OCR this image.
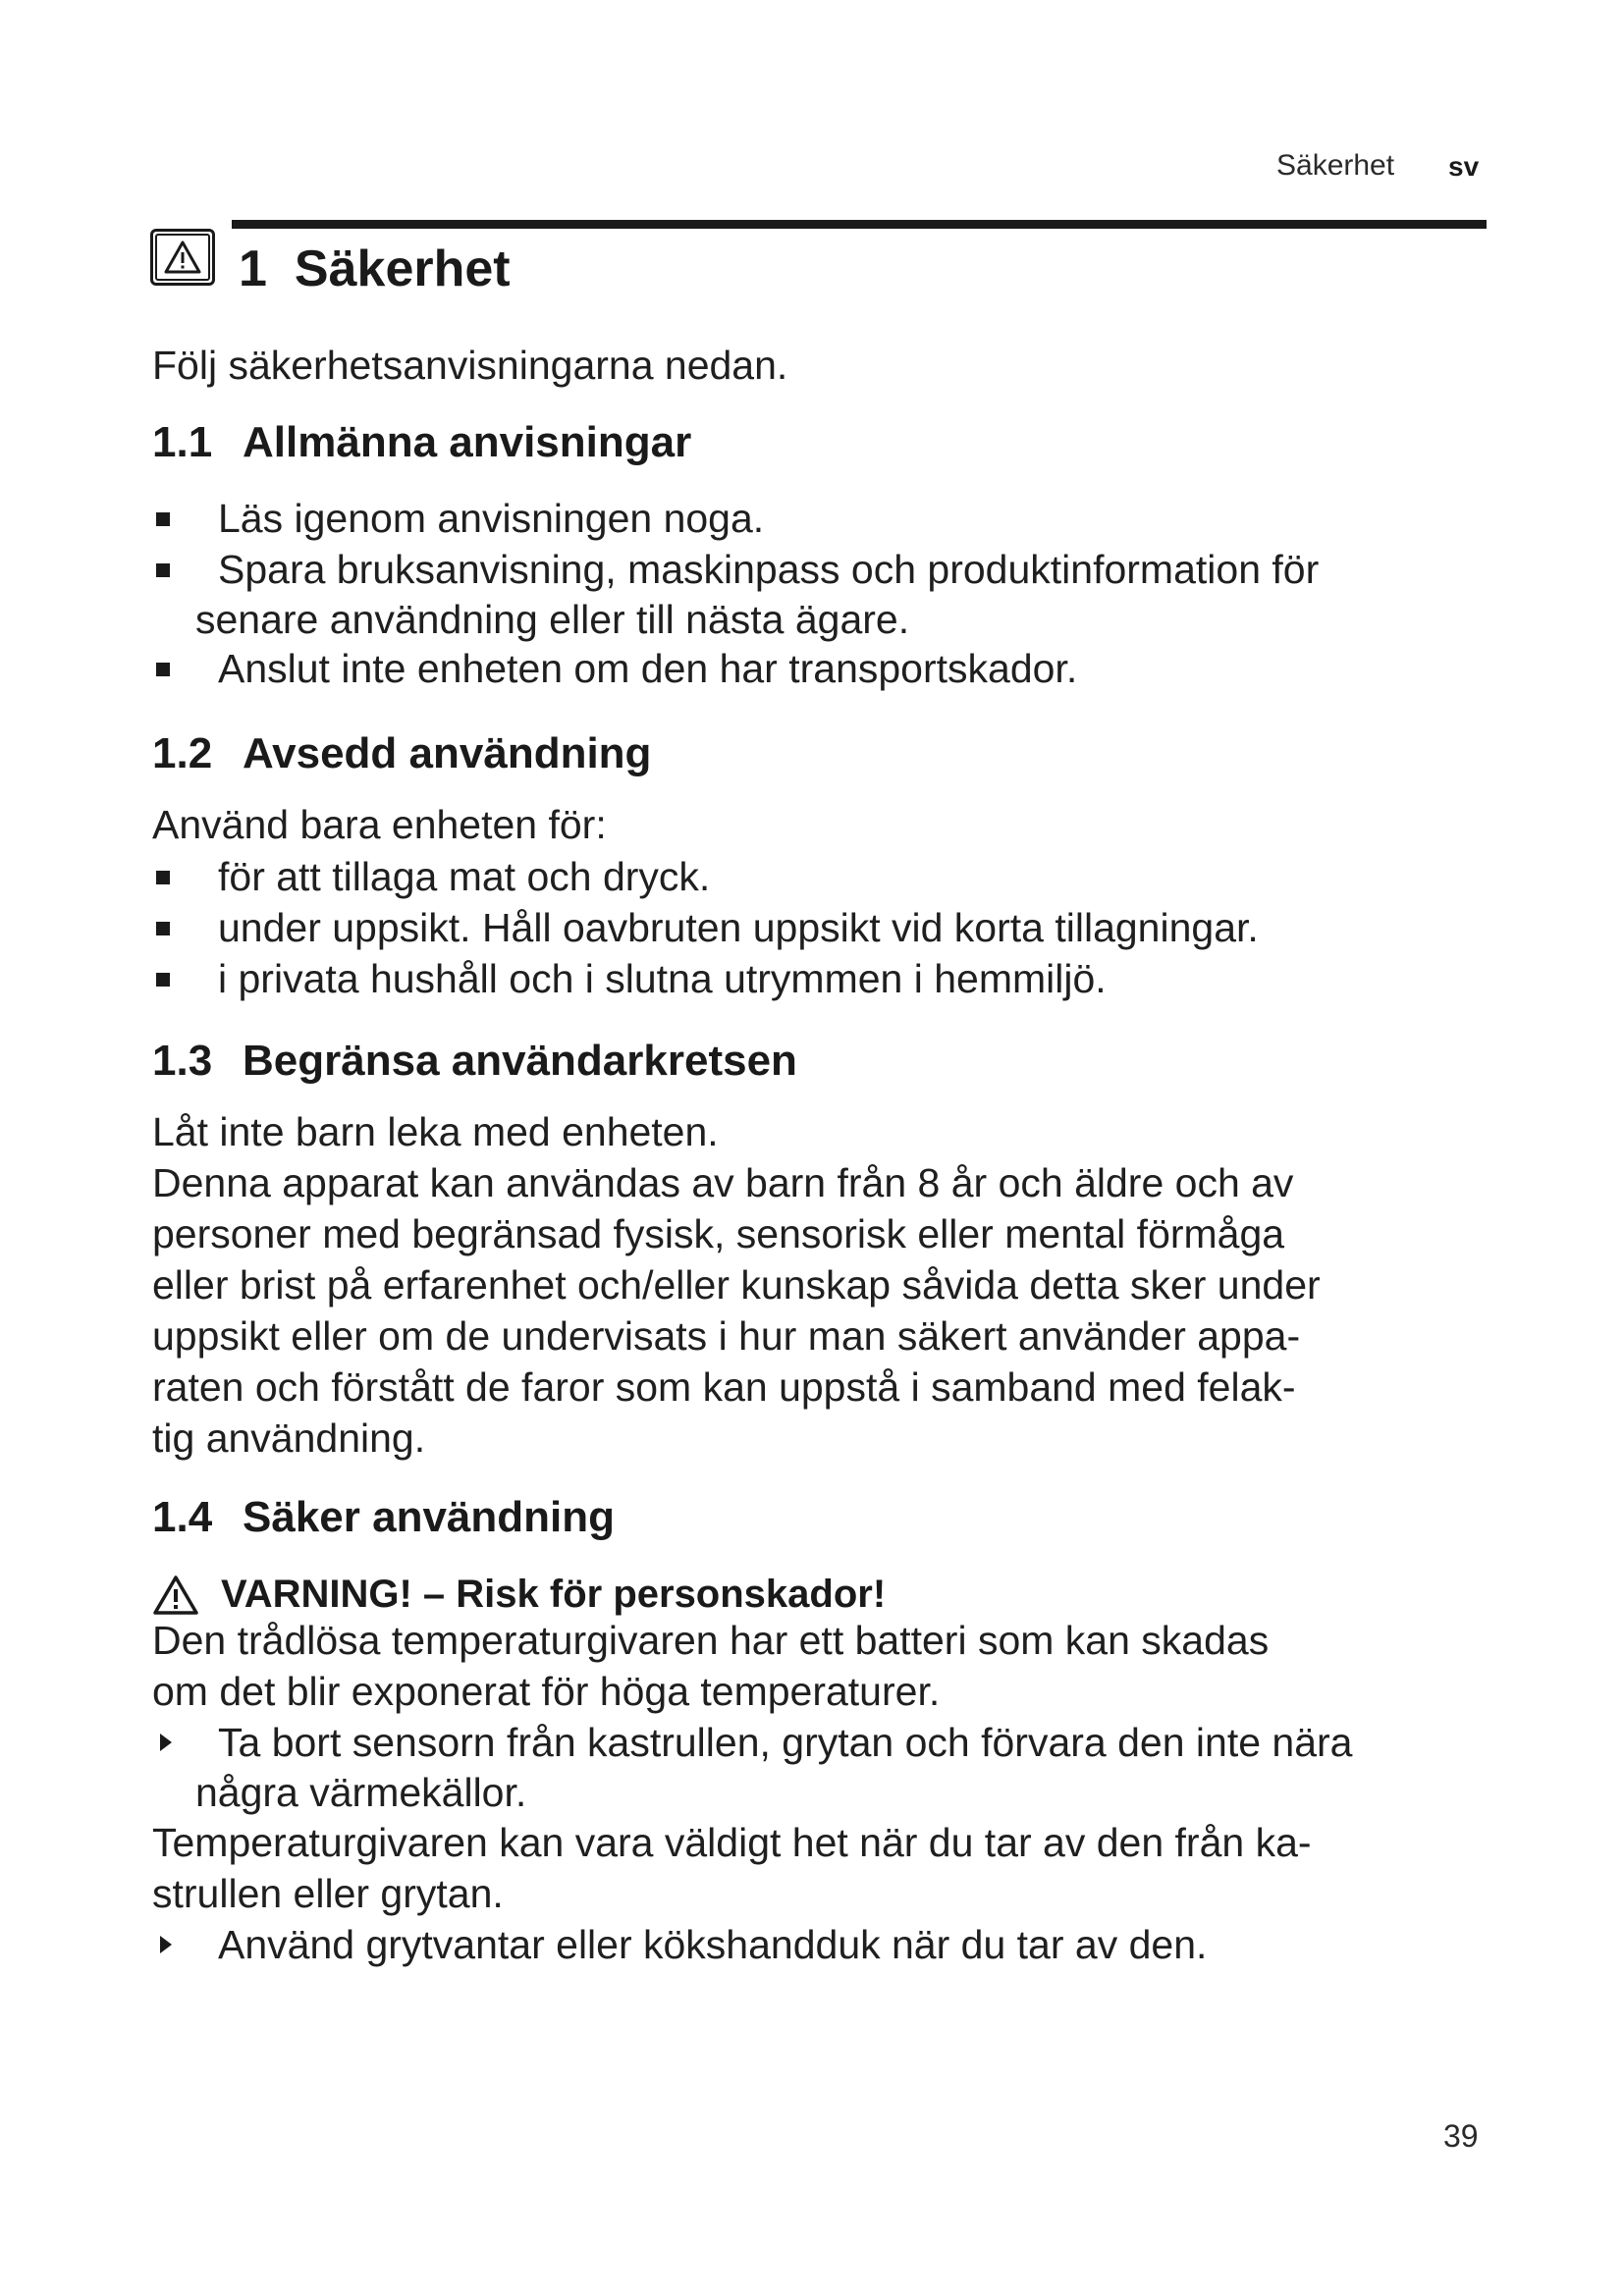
Säkerhet sv
1 Säkerhet
Följ säkerhetsanvisningarna nedan.
1.1 Allmänna anvisningar
Läs igenom anvisningen noga.
Spara bruksanvisning, maskinpass och produktinformation för
senare användning eller till nästa ägare.
Anslut inte enheten om den har transportskador.
1.2 Avsedd användning
Använd bara enheten för:
för att tillaga mat och dryck.
under uppsikt. Håll oavbruten uppsikt vid korta tillagningar.
i privata hushåll och i slutna utrymmen i hemmiljö.
1.3 Begränsa användarkretsen
Låt inte barn leka med enheten.
Denna apparat kan användas av barn från 8 år och äldre och av
personer med begränsad fysisk, sensorisk eller mental förmåga
eller brist på erfarenhet och/eller kunskap såvida detta sker under
uppsikt eller om de undervisats i hur man säkert använder appa-
raten och förstått de faror som kan uppstå i samband med felak-
tig användning.
1.4 Säker användning
VARNING! – Risk för personskador!
Den trådlösa temperaturgivaren har ett batteri som kan skadas
om det blir exponerat för höga temperaturer.
Ta bort sensorn från kastrullen, grytan och förvara den inte nära
några värmekällor.
Temperaturgivaren kan vara väldigt het när du tar av den från ka-
strullen eller grytan.
Använd grytvantar eller kökshandduk när du tar av den.
39
